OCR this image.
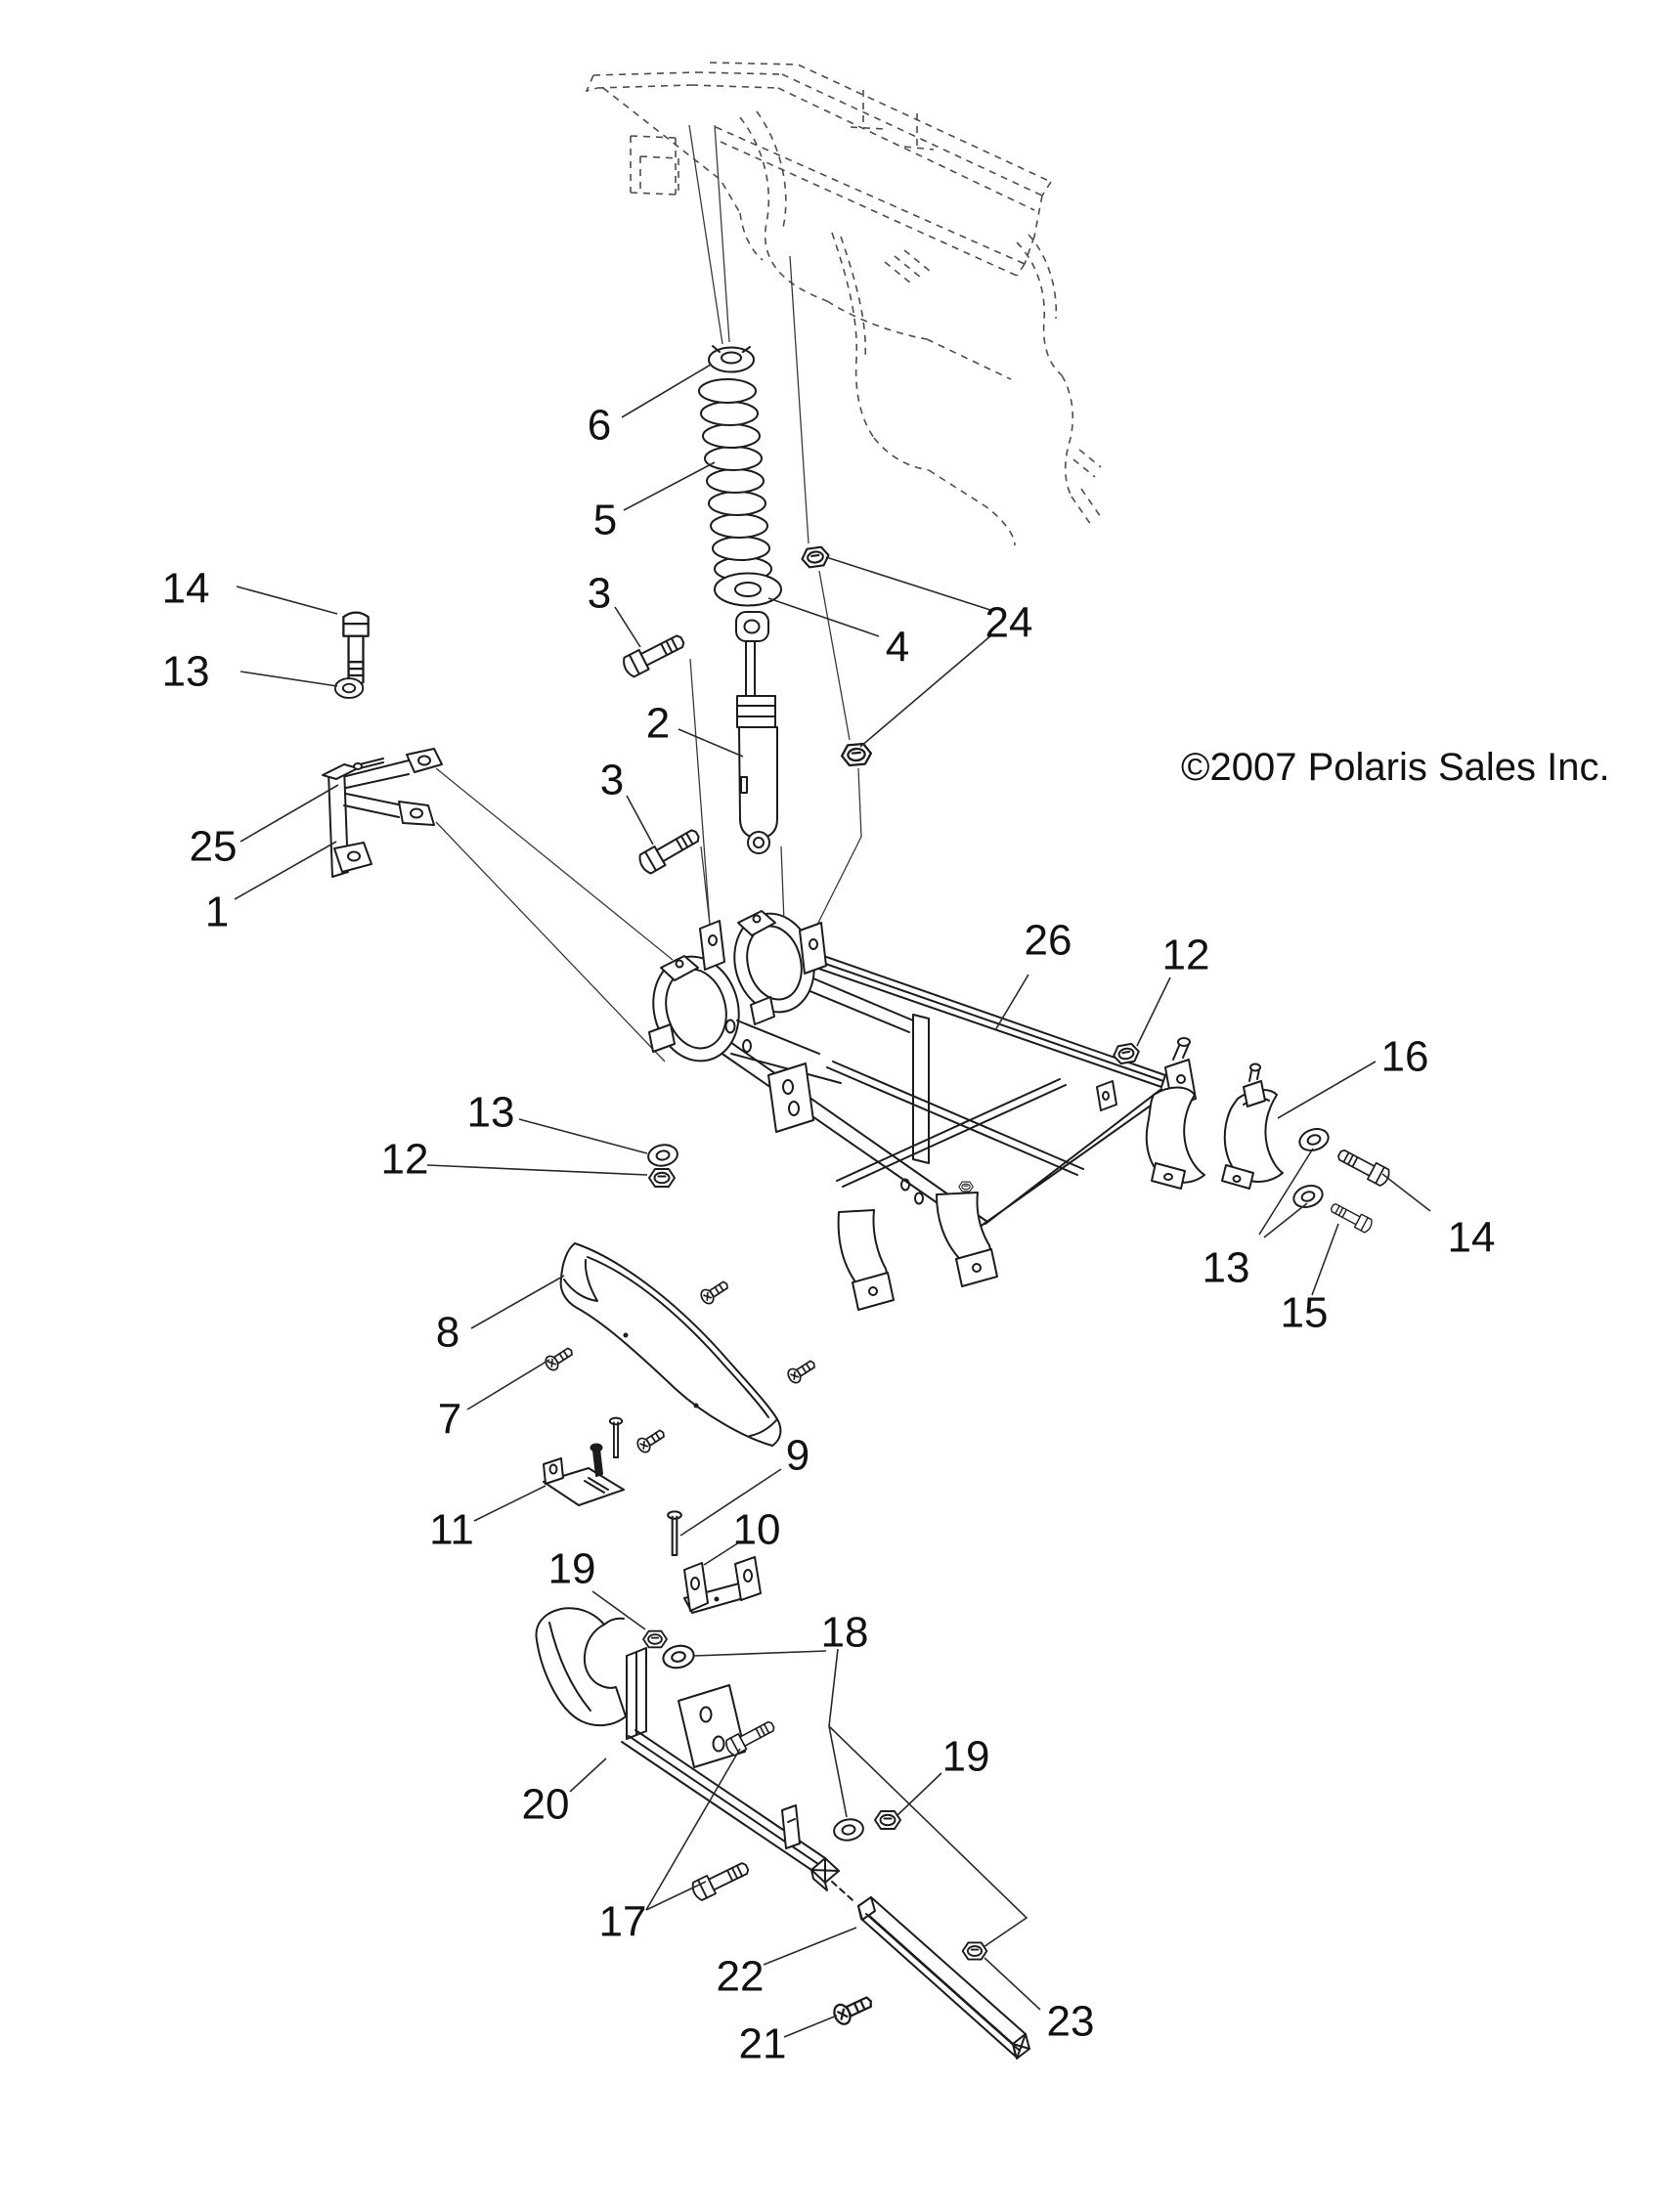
1
2
3
3
4
5
6
7
8
9
10
11
12
12
13
13
13
14
14
15
16
17
18
19
19
20
21
22
23
24
25
26
©2007 Polaris Sales Inc.
